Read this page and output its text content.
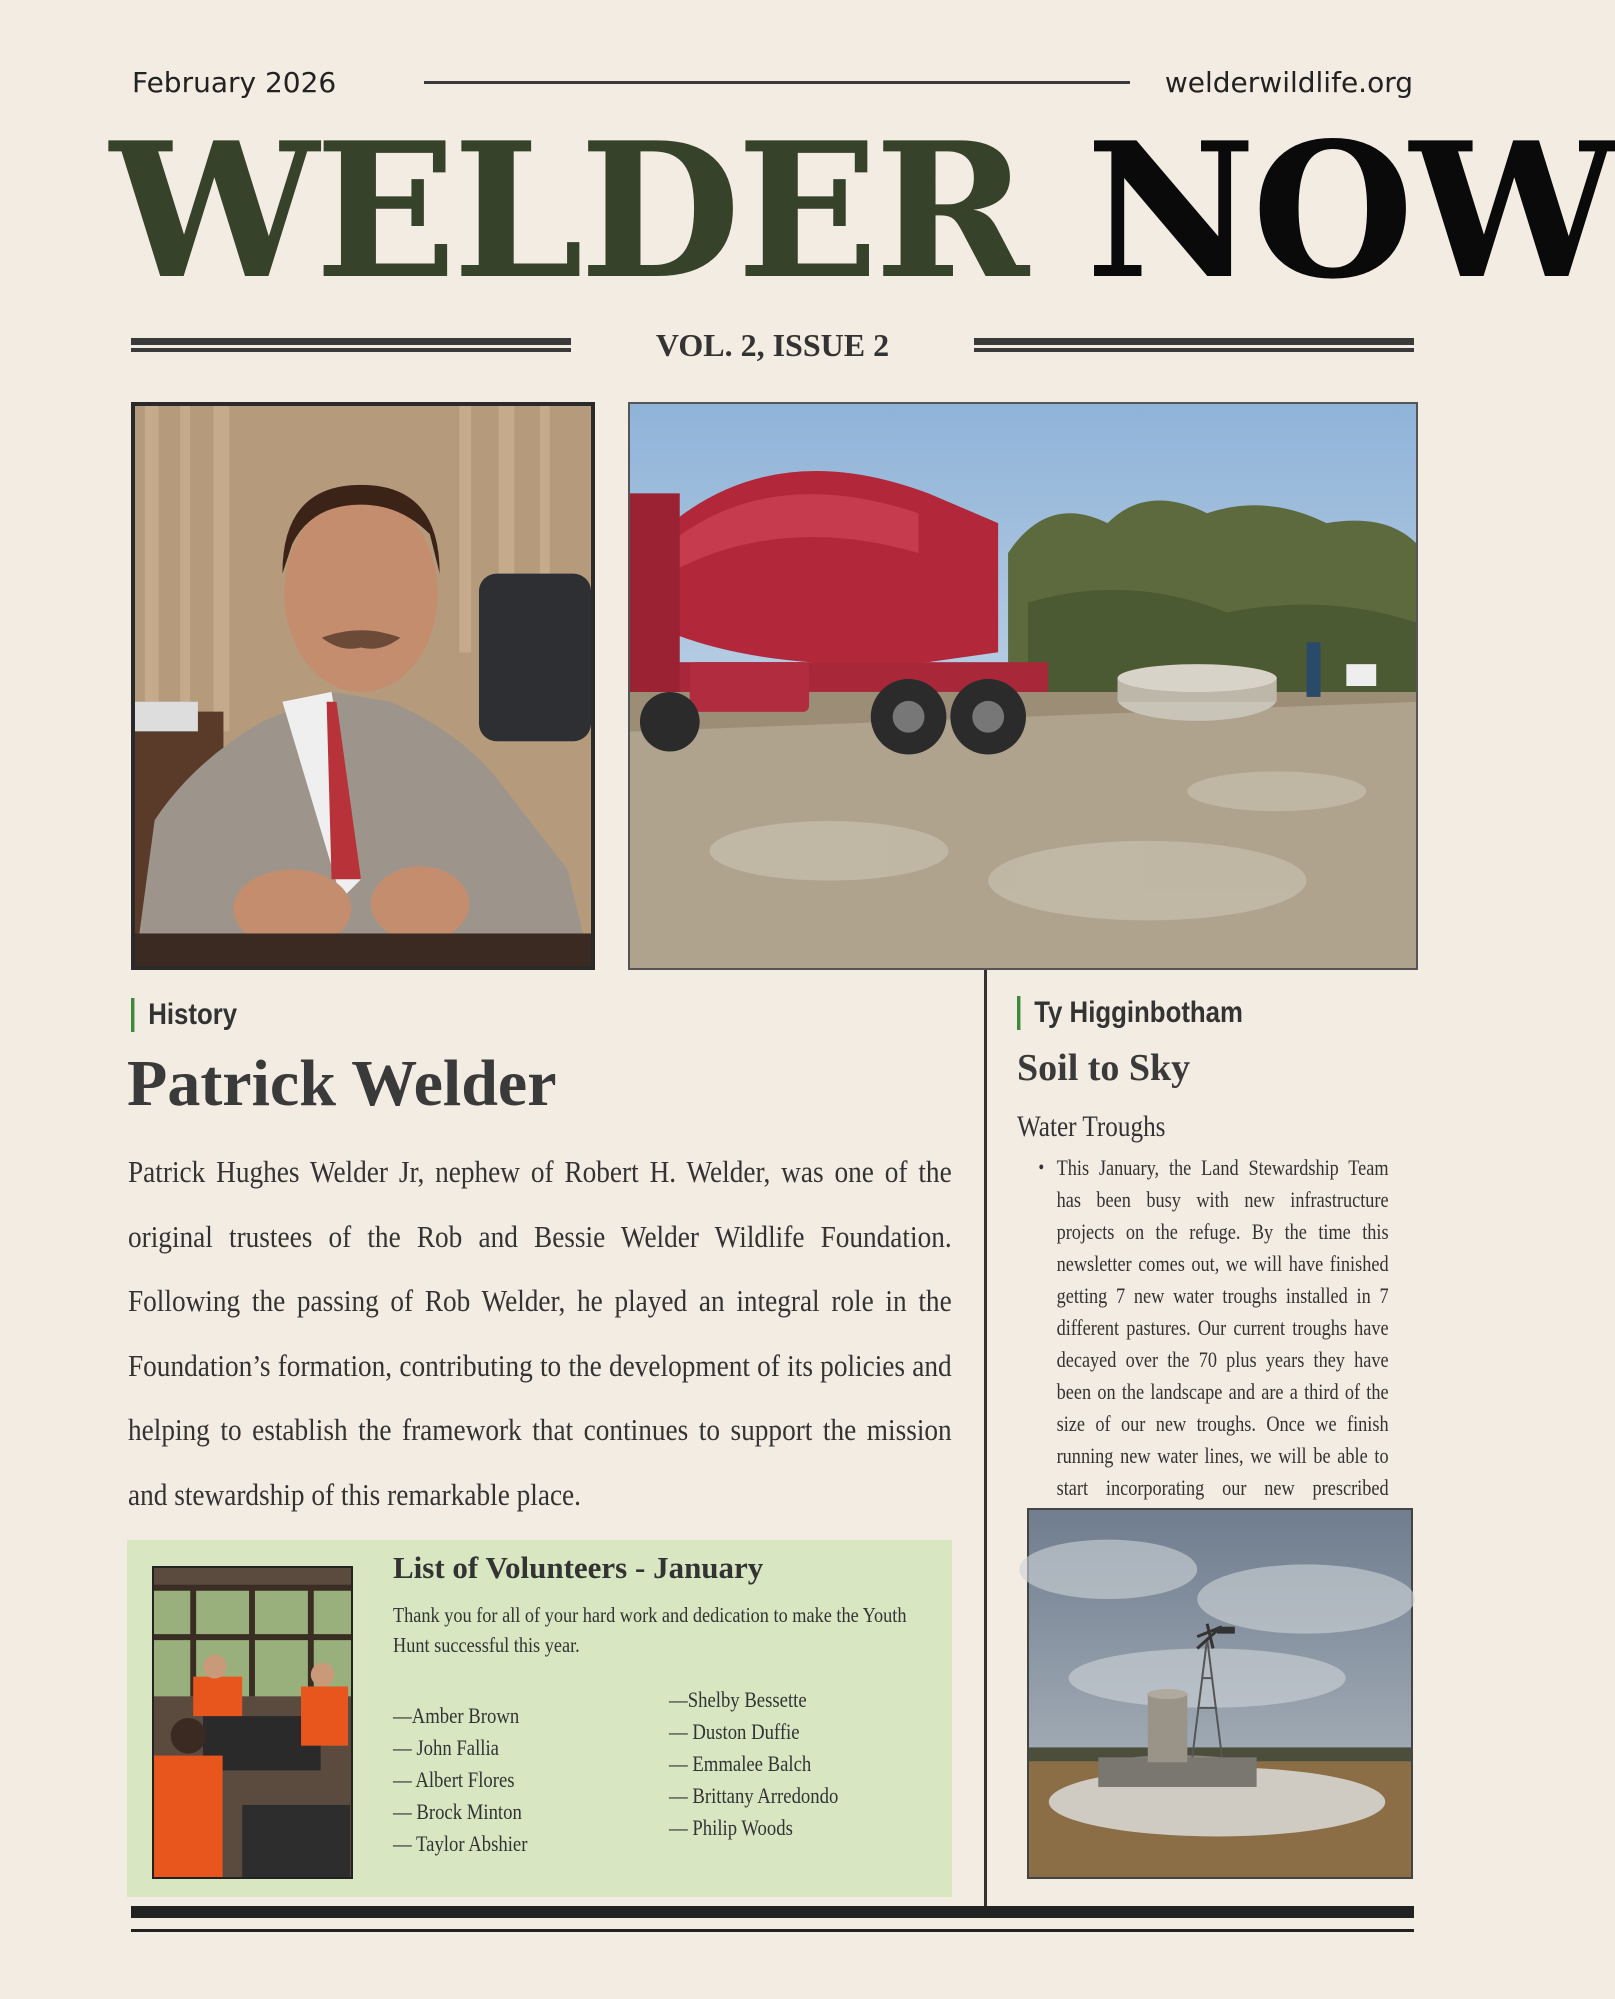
February 2026	welderwildlife.org
WELDER NOW
VOL. 2, ISSUE 2
History
Patrick Welder
Patrick Hughes Welder Jr, nephew of Robert H. Welder, was one of the original trustees of the Rob and Bessie Welder Wildlife Foundation. Following the passing of Rob Welder, he played an integral role in the Foundation’s formation, contributing to the development of its policies and helping to establish the framework that continues to support the mission and stewardship of this remarkable place.
Ty Higginbotham
Soil to Sky
Water Troughs
• This January, the Land Stewardship Team has been busy with new infrastructure projects on the refuge. By the time this newsletter comes out, we will have finished getting 7 new water troughs installed in 7 different pastures. Our current troughs have decayed over the 70 plus years they have been on the landscape and are a third of the size of our new troughs. Once we finish running new water lines, we will be able to start incorporating our new prescribed
List of Volunteers - January
Thank you for all of your hard work and dedication to make the Youth Hunt successful this year.
—Amber Brown
— John Fallia
— Albert Flores
— Brock Minton
— Taylor Abshier
—Shelby Bessette
— Duston Duffie
— Emmalee Balch
— Brittany Arredondo
— Philip Woods
